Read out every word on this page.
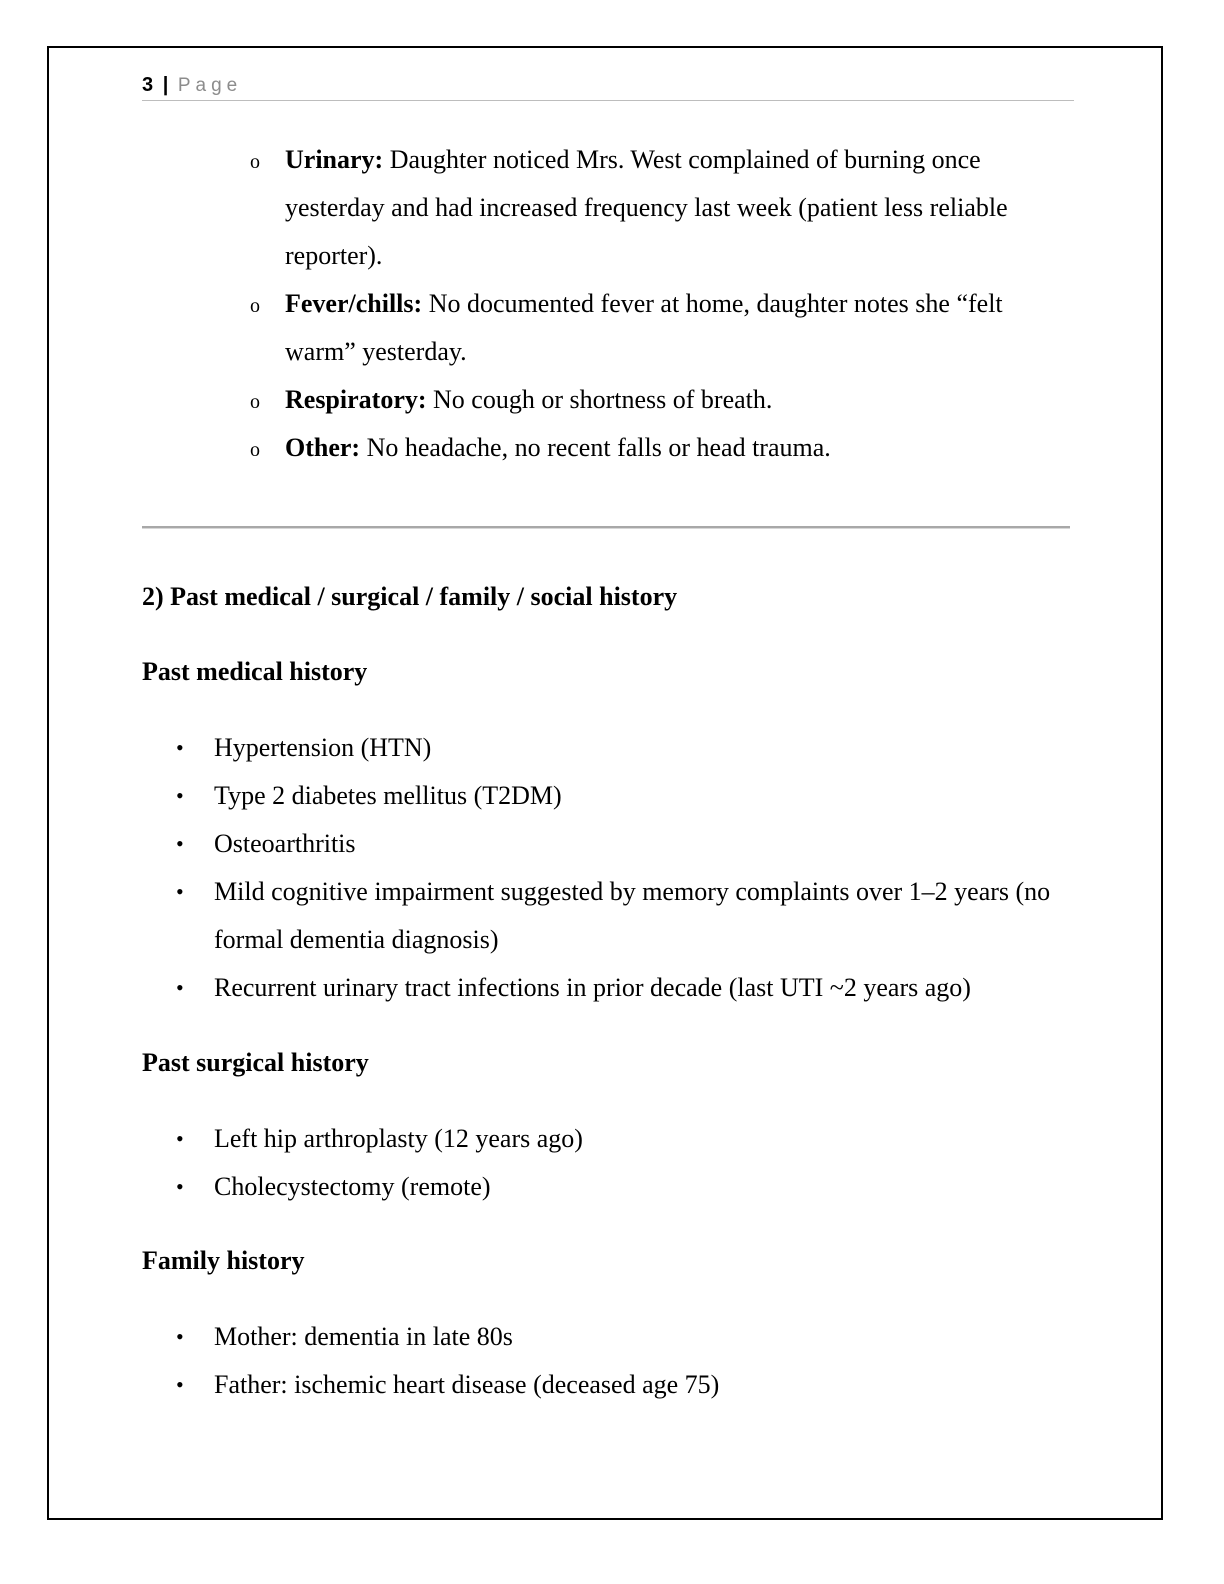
3 | Page
o Urinary: Daughter noticed Mrs. West complained of burning once yesterday and had increased frequency last week (patient less reliable reporter).
o Fever/chills: No documented fever at home, daughter notes she “felt warm” yesterday.
o Respiratory: No cough or shortness of breath.
o Other: No headache, no recent falls or head trauma.
2) Past medical / surgical / family / social history
Past medical history
• Hypertension (HTN)
• Type 2 diabetes mellitus (T2DM)
• Osteoarthritis
• Mild cognitive impairment suggested by memory complaints over 1–2 years (no formal dementia diagnosis)
• Recurrent urinary tract infections in prior decade (last UTI ~2 years ago)
Past surgical history
• Left hip arthroplasty (12 years ago)
• Cholecystectomy (remote)
Family history
• Mother: dementia in late 80s
• Father: ischemic heart disease (deceased age 75)
